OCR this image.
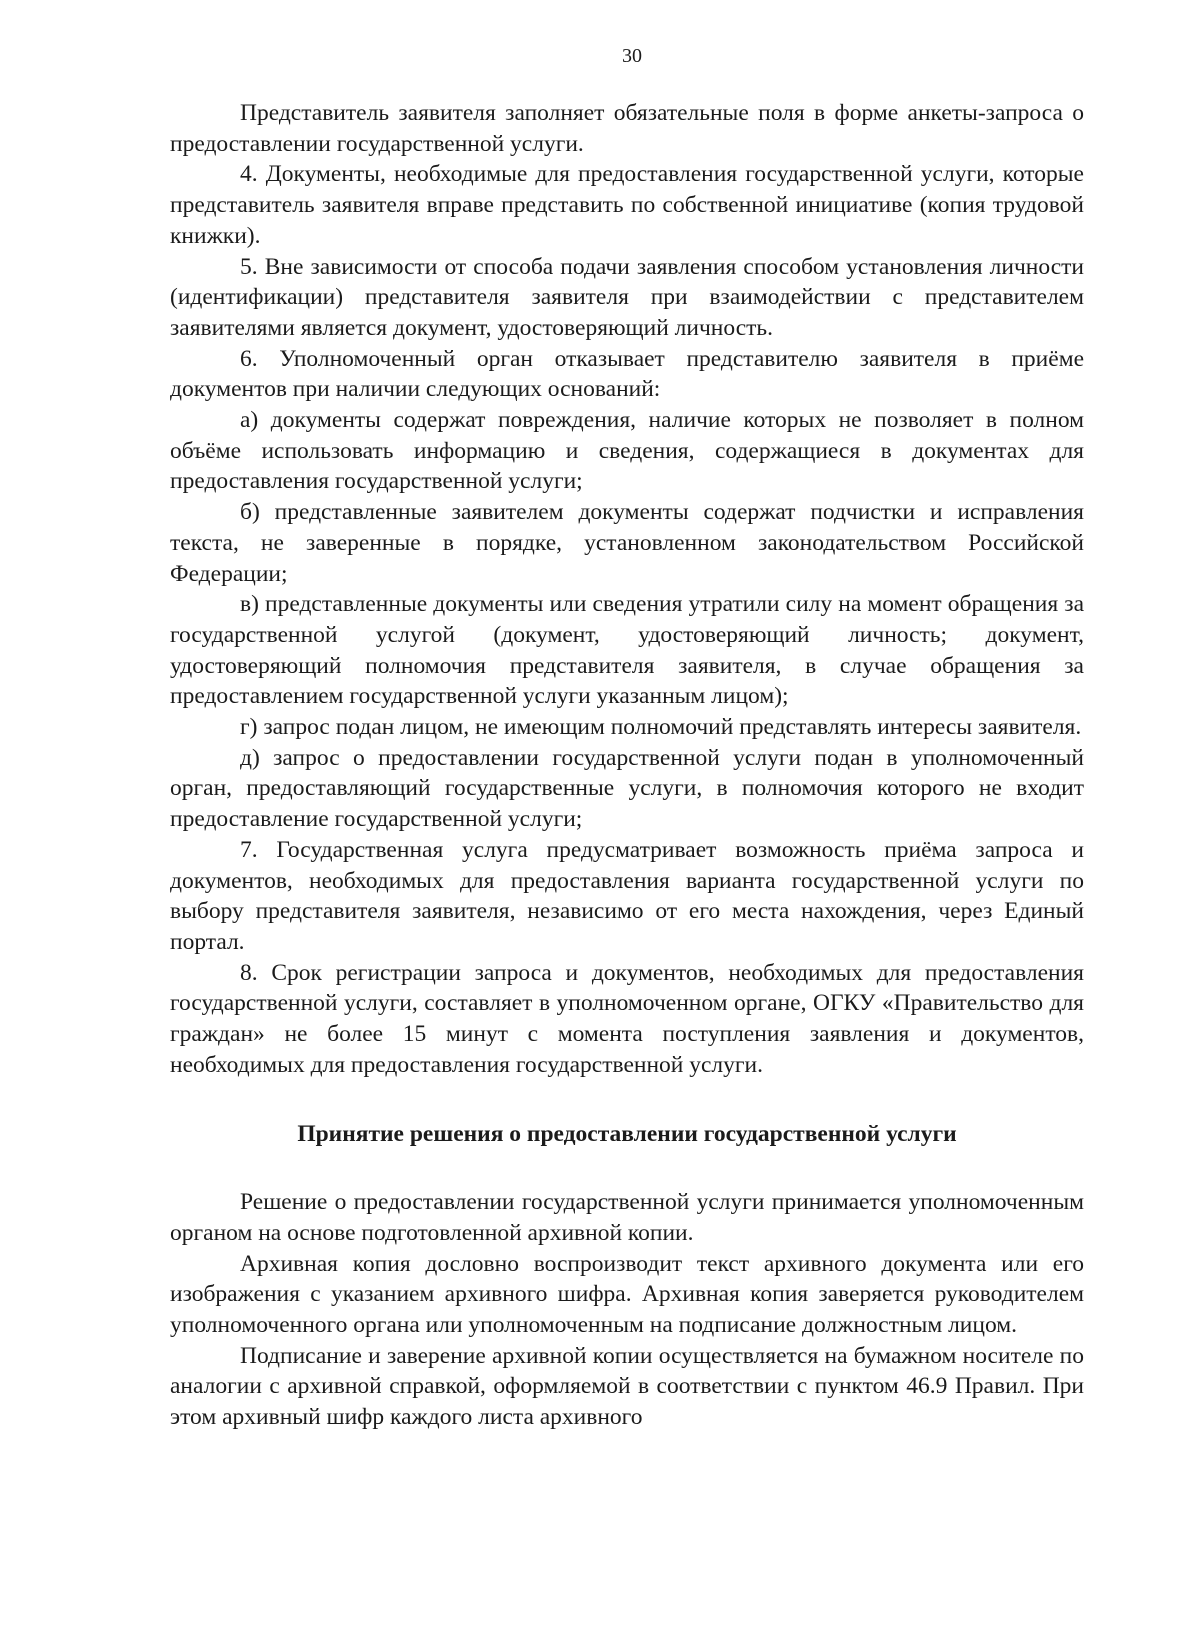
30

Представитель заявителя заполняет обязательные поля в форме анкеты-запроса о предоставлении государственной услуги.

4. Документы, необходимые для предоставления государственной услуги, которые представитель заявителя вправе представить по собственной инициативе (копия трудовой книжки).

5. Вне зависимости от способа подачи заявления способом установления личности (идентификации) представителя заявителя при взаимодействии с представителем заявителями является документ, удостоверяющий личность.

6. Уполномоченный орган отказывает представителю заявителя в приёме документов при наличии следующих оснований:

а) документы содержат повреждения, наличие которых не позволяет в полном объёме использовать информацию и сведения, содержащиеся в документах для предоставления государственной услуги;

б) представленные заявителем документы содержат подчистки и исправления текста, не заверенные в порядке, установленном законодательством Российской Федерации;

в) представленные документы или сведения утратили силу на момент обращения за государственной услугой (документ, удостоверяющий личность; документ, удостоверяющий полномочия представителя заявителя, в случае обращения за предоставлением государственной услуги указанным лицом);

г) запрос подан лицом, не имеющим полномочий представлять интересы заявителя.

д) запрос о предоставлении государственной услуги подан в уполномоченный орган, предоставляющий государственные услуги, в полномочия которого не входит предоставление государственной услуги;

7. Государственная услуга предусматривает возможность приёма запроса и документов, необходимых для предоставления варианта государственной услуги по выбору представителя заявителя, независимо от его места нахождения, через Единый портал.

8. Срок регистрации запроса и документов, необходимых для предоставления государственной услуги, составляет в уполномоченном органе, ОГКУ «Правительство для граждан» не более 15 минут с момента поступления заявления и документов, необходимых для предоставления государственной услуги.

Принятие решения о предоставлении государственной услуги

Решение о предоставлении государственной услуги принимается уполномоченным органом на основе подготовленной архивной копии.

Архивная копия дословно воспроизводит текст архивного документа или его изображения с указанием архивного шифра. Архивная копия заверяется руководителем уполномоченного органа или уполномоченным на подписание должностным лицом.

Подписание и заверение архивной копии осуществляется на бумажном носителе по аналогии с архивной справкой, оформляемой в соответствии с пунктом 46.9 Правил. При этом архивный шифр каждого листа архивного
